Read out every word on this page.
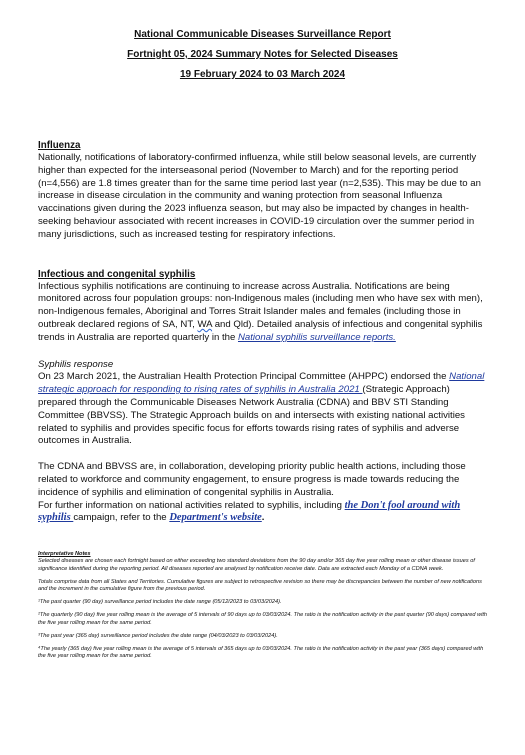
National Communicable Diseases Surveillance Report
Fortnight 05, 2024 Summary Notes for Selected Diseases
19 February 2024 to 03 March 2024
Influenza

Nationally, notifications of laboratory-confirmed influenza, while still below seasonal levels, are currently higher than expected for the interseasonal period (November to March) and for the reporting period (n=4,556) are 1.8 times greater than for the same time period last year (n=2,535). This may be due to an increase in disease circulation in the community and waning protection from seasonal Influenza vaccinations given during the 2023 influenza season, but may also be impacted by changes in health-seeking behaviour associated with recent increases in COVID-19 circulation over the summer period in many jurisdictions, such as increased testing for respiratory infections.

Infectious and congenital syphilis

Infectious syphilis notifications are continuing to increase across Australia. Notifications are being monitored across four population groups: non-Indigenous males (including men who have sex with men), non-Indigenous females, Aboriginal and Torres Strait Islander males and females (including those in outbreak declared regions of SA, NT, WA and Qld). Detailed analysis of infectious and congenital syphilis trends in Australia are reported quarterly in the National syphilis surveillance reports.

Syphilis response

On 23 March 2021, the Australian Health Protection Principal Committee (AHPPC) endorsed the National strategic approach for responding to rising rates of syphilis in Australia 2021 (Strategic Approach) prepared through the Communicable Diseases Network Australia (CDNA) and BBV STI Standing Committee (BBVSS). The Strategic Approach builds on and intersects with existing national activities related to syphilis and provides specific focus for efforts towards rising rates of syphilis and adverse outcomes in Australia.

The CDNA and BBVSS are, in collaboration, developing priority public health actions, including those related to workforce and community engagement, to ensure progress is made towards reducing the incidence of syphilis and elimination of congenital syphilis in Australia.

For further information on national activities related to syphilis, including the Don't fool around with syphilis campaign, refer to the Department's website.

Interpretative Notes

Selected diseases are chosen each fortnight based on either exceeding two standard deviations from the 90 day and/or 365 day five year rolling mean or other disease issues of significance identified during the reporting period. All diseases reported are analysed by notification receive date. Data are extracted each Monday of a CDNA week.

Totals comprise data from all States and Territories. Cumulative figures are subject to retrospective revision so there may be discrepancies between the number of new notifications and the increment in the cumulative figure from the previous period.

¹The past quarter (90 day) surveillance period includes the date range (05/12/2023 to 03/03/2024).

²The quarterly (90 day) five year rolling mean is the average of 5 intervals of 90 days up to 03/03/2024. The ratio is the notification activity in the past quarter (90 days) compared with the five year rolling mean for the same period.

³The past year (365 day) surveillance period includes the date range (04/03/2023 to 03/03/2024).

⁴The yearly (365 day) five year rolling mean is the average of 5 intervals of 365 days up to 03/03/2024. The ratio is the notification activity in the past year (365 days) compared with the five year rolling mean for the same period.
